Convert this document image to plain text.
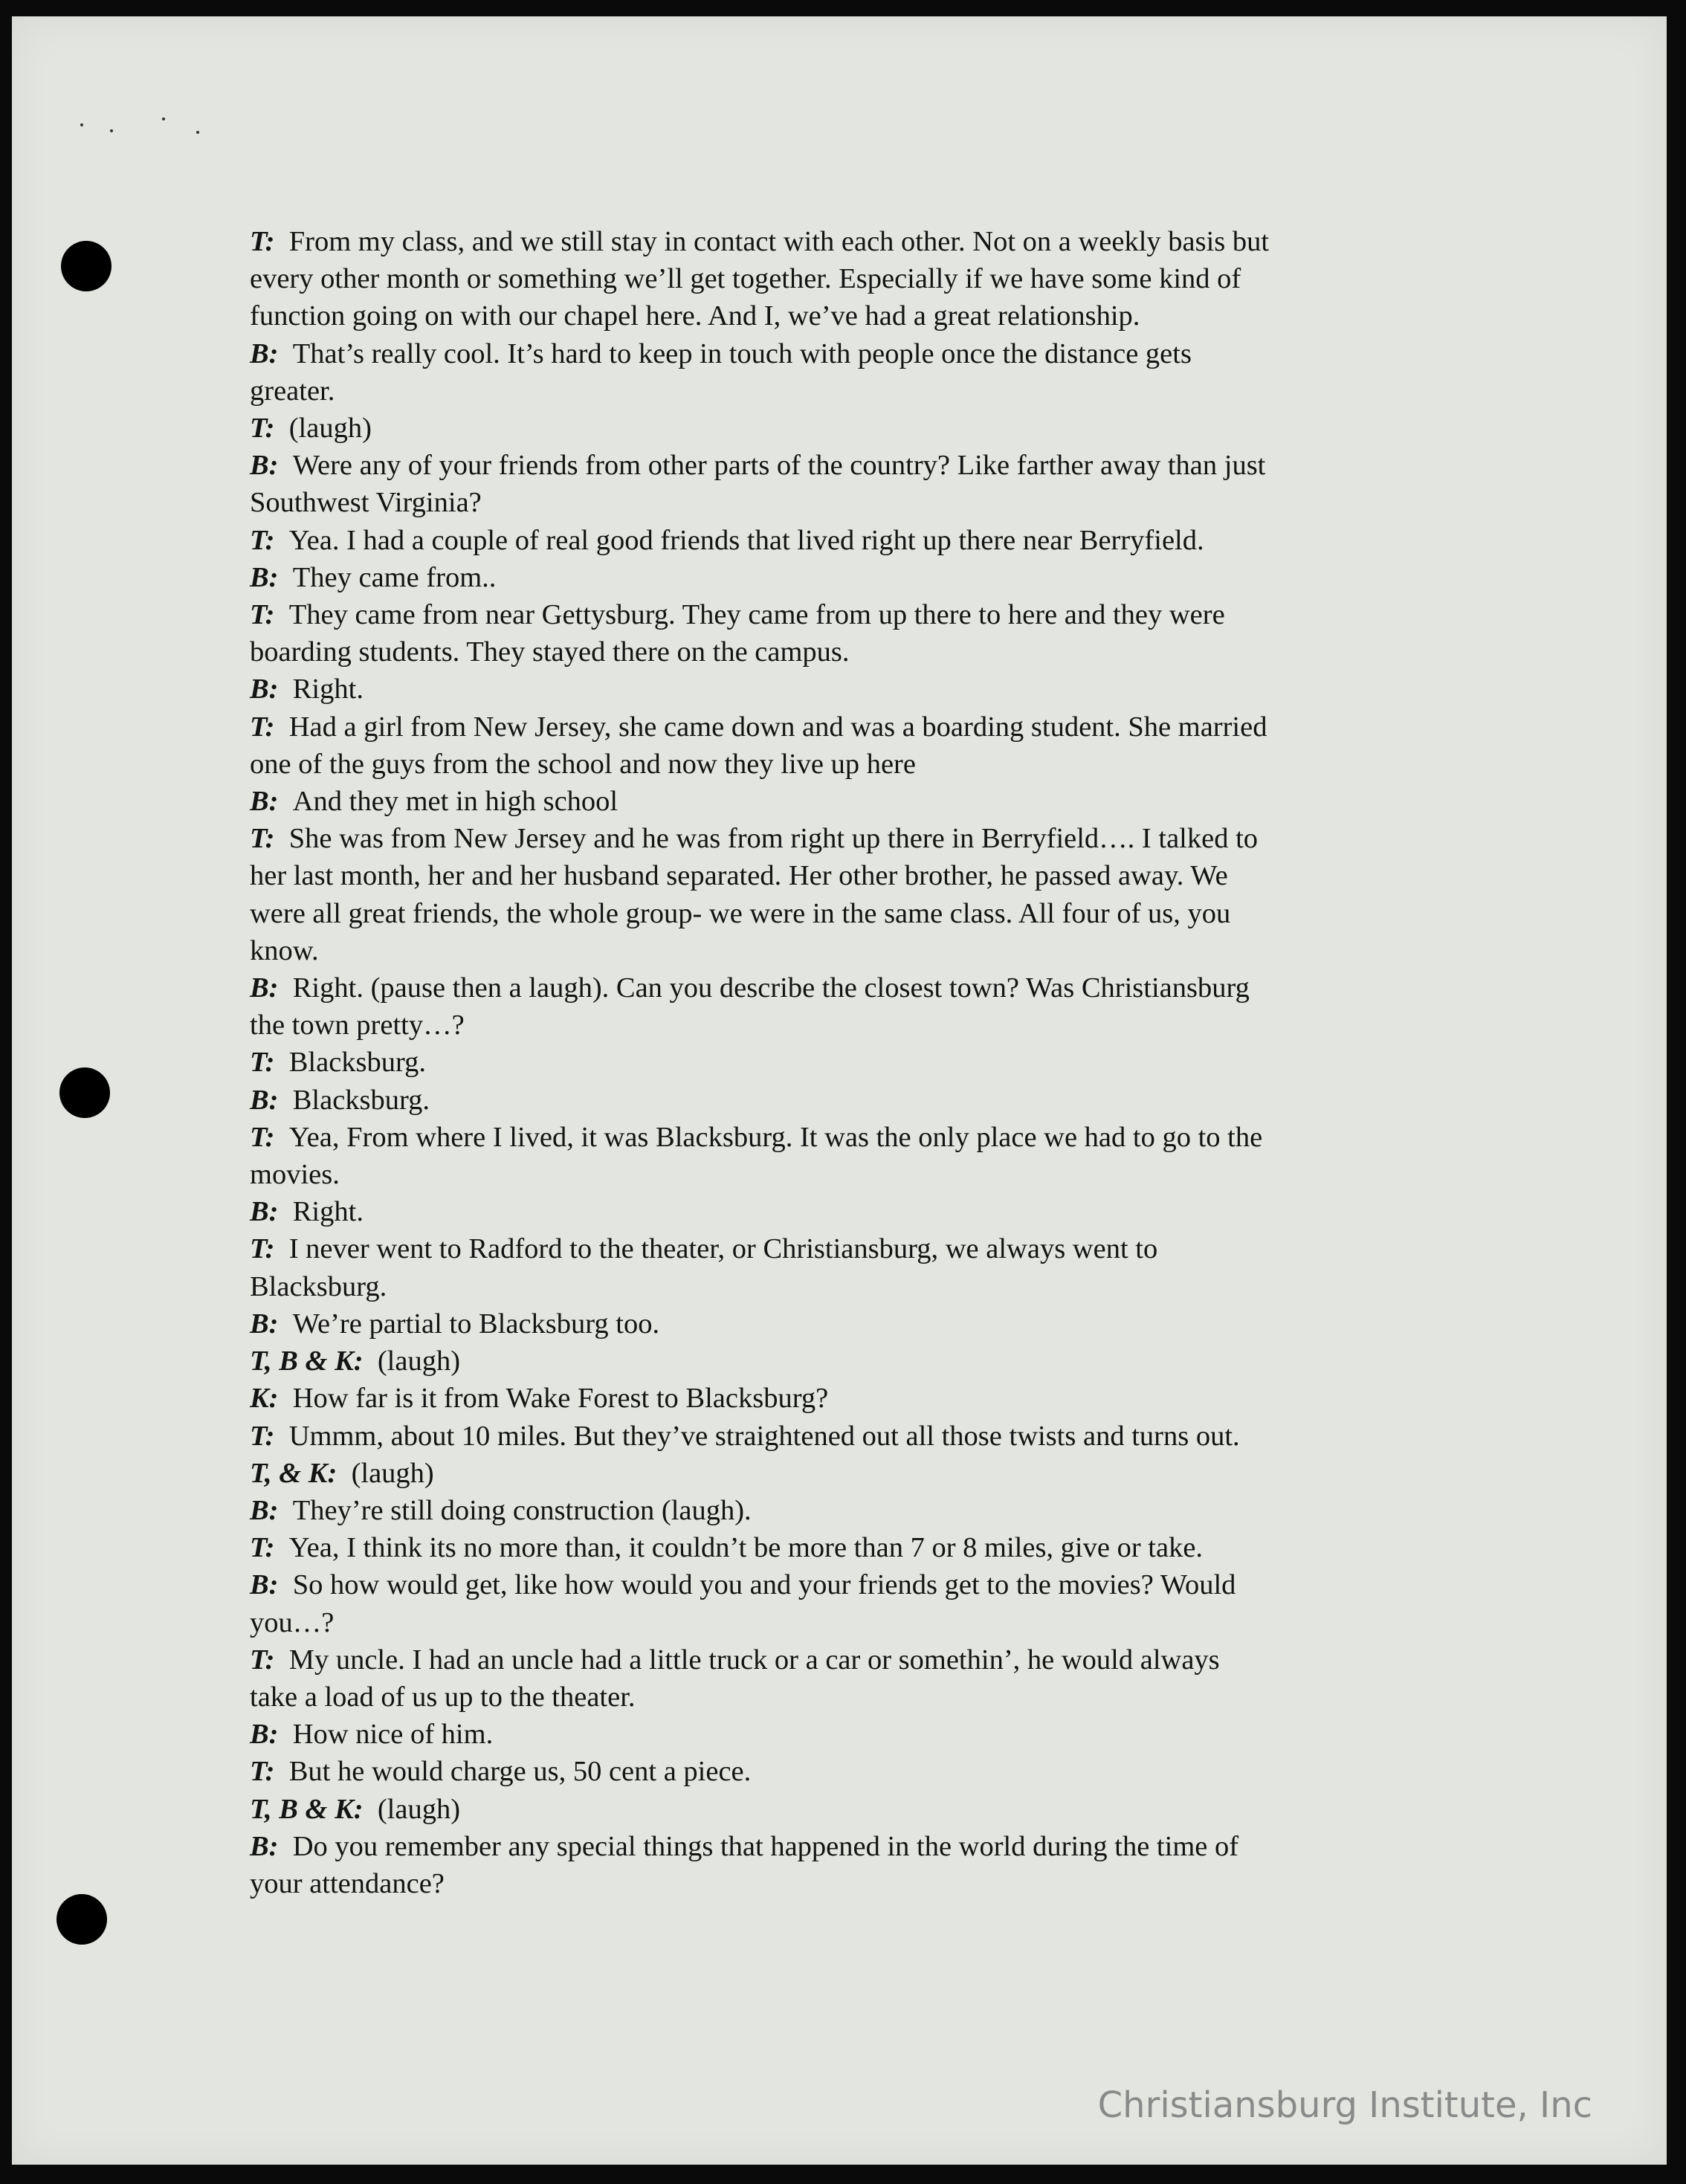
T: From my class, and we still stay in contact with each other. Not on a weekly basis but
every other month or something we’ll get together. Especially if we have some kind of
function going on with our chapel here. And I, we’ve had a great relationship.
B: That’s really cool. It’s hard to keep in touch with people once the distance gets
greater.
T: (laugh)
B: Were any of your friends from other parts of the country? Like farther away than just
Southwest Virginia?
T: Yea. I had a couple of real good friends that lived right up there near Berryfield.
B: They came from..
T: They came from near Gettysburg. They came from up there to here and they were
boarding students. They stayed there on the campus.
B: Right.
T: Had a girl from New Jersey, she came down and was a boarding student. She married
one of the guys from the school and now they live up here
B: And they met in high school
T: She was from New Jersey and he was from right up there in Berryfield…. I talked to
her last month, her and her husband separated. Her other brother, he passed away. We
were all great friends, the whole group- we were in the same class. All four of us, you
know.
B: Right. (pause then a laugh). Can you describe the closest town? Was Christiansburg
the town pretty…?
T: Blacksburg.
B: Blacksburg.
T: Yea, From where I lived, it was Blacksburg. It was the only place we had to go to the
movies.
B: Right.
T: I never went to Radford to the theater, or Christiansburg, we always went to
Blacksburg.
B: We’re partial to Blacksburg too.
T, B & K: (laugh)
K: How far is it from Wake Forest to Blacksburg?
T: Ummm, about 10 miles. But they’ve straightened out all those twists and turns out.
T, & K: (laugh)
B: They’re still doing construction (laugh).
T: Yea, I think its no more than, it couldn’t be more than 7 or 8 miles, give or take.
B: So how would get, like how would you and your friends get to the movies? Would
you…?
T: My uncle. I had an uncle had a little truck or a car or somethin’, he would always
take a load of us up to the theater.
B: How nice of him.
T: But he would charge us, 50 cent a piece.
T, B & K: (laugh)
B: Do you remember any special things that happened in the world during the time of
your attendance?
Christiansburg Institute, Inc
